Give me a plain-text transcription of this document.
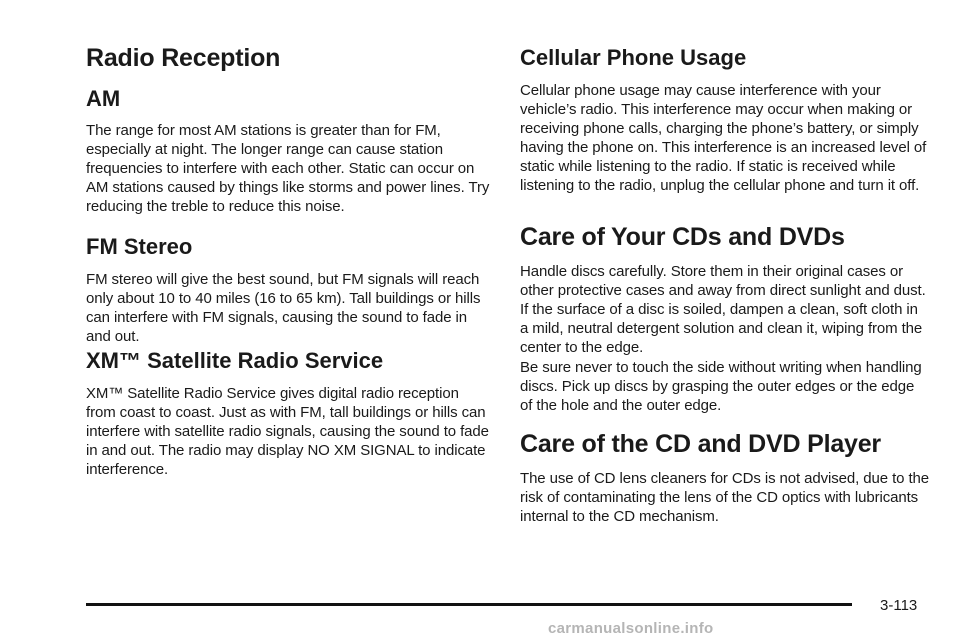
Radio Reception
AM

The range for most AM stations is greater than for FM, especially at night. The longer range can cause station frequencies to interfere with each other. Static can occur on AM stations caused by things like storms and power lines. Try reducing the treble to reduce this noise.

FM Stereo

FM stereo will give the best sound, but FM signals will reach only about 10 to 40 miles (16 to 65 km). Tall buildings or hills can interfere with FM signals, causing the sound to fade in and out.

XM™ Satellite Radio Service

XM™ Satellite Radio Service gives digital radio reception from coast to coast. Just as with FM, tall buildings or hills can interfere with satellite radio signals, causing the sound to fade in and out. The radio may display NO XM SIGNAL to indicate interference.

Cellular Phone Usage

Cellular phone usage may cause interference with your vehicle’s radio. This interference may occur when making or receiving phone calls, charging the phone’s battery, or simply having the phone on. This interference is an increased level of static while listening to the radio. If static is received while listening to the radio, unplug the cellular phone and turn it off.

Care of Your CDs and DVDs

Handle discs carefully. Store them in their original cases or other protective cases and away from direct sunlight and dust. If the surface of a disc is soiled, dampen a clean, soft cloth in a mild, neutral detergent solution and clean it, wiping from the center to the edge.

Be sure never to touch the side without writing when handling discs. Pick up discs by grasping the outer edges or the edge of the hole and the outer edge.

Care of the CD and DVD Player

The use of CD lens cleaners for CDs is not advised, due to the risk of contaminating the lens of the CD optics with lubricants internal to the CD mechanism.

3-113
carmanualsonline.info
